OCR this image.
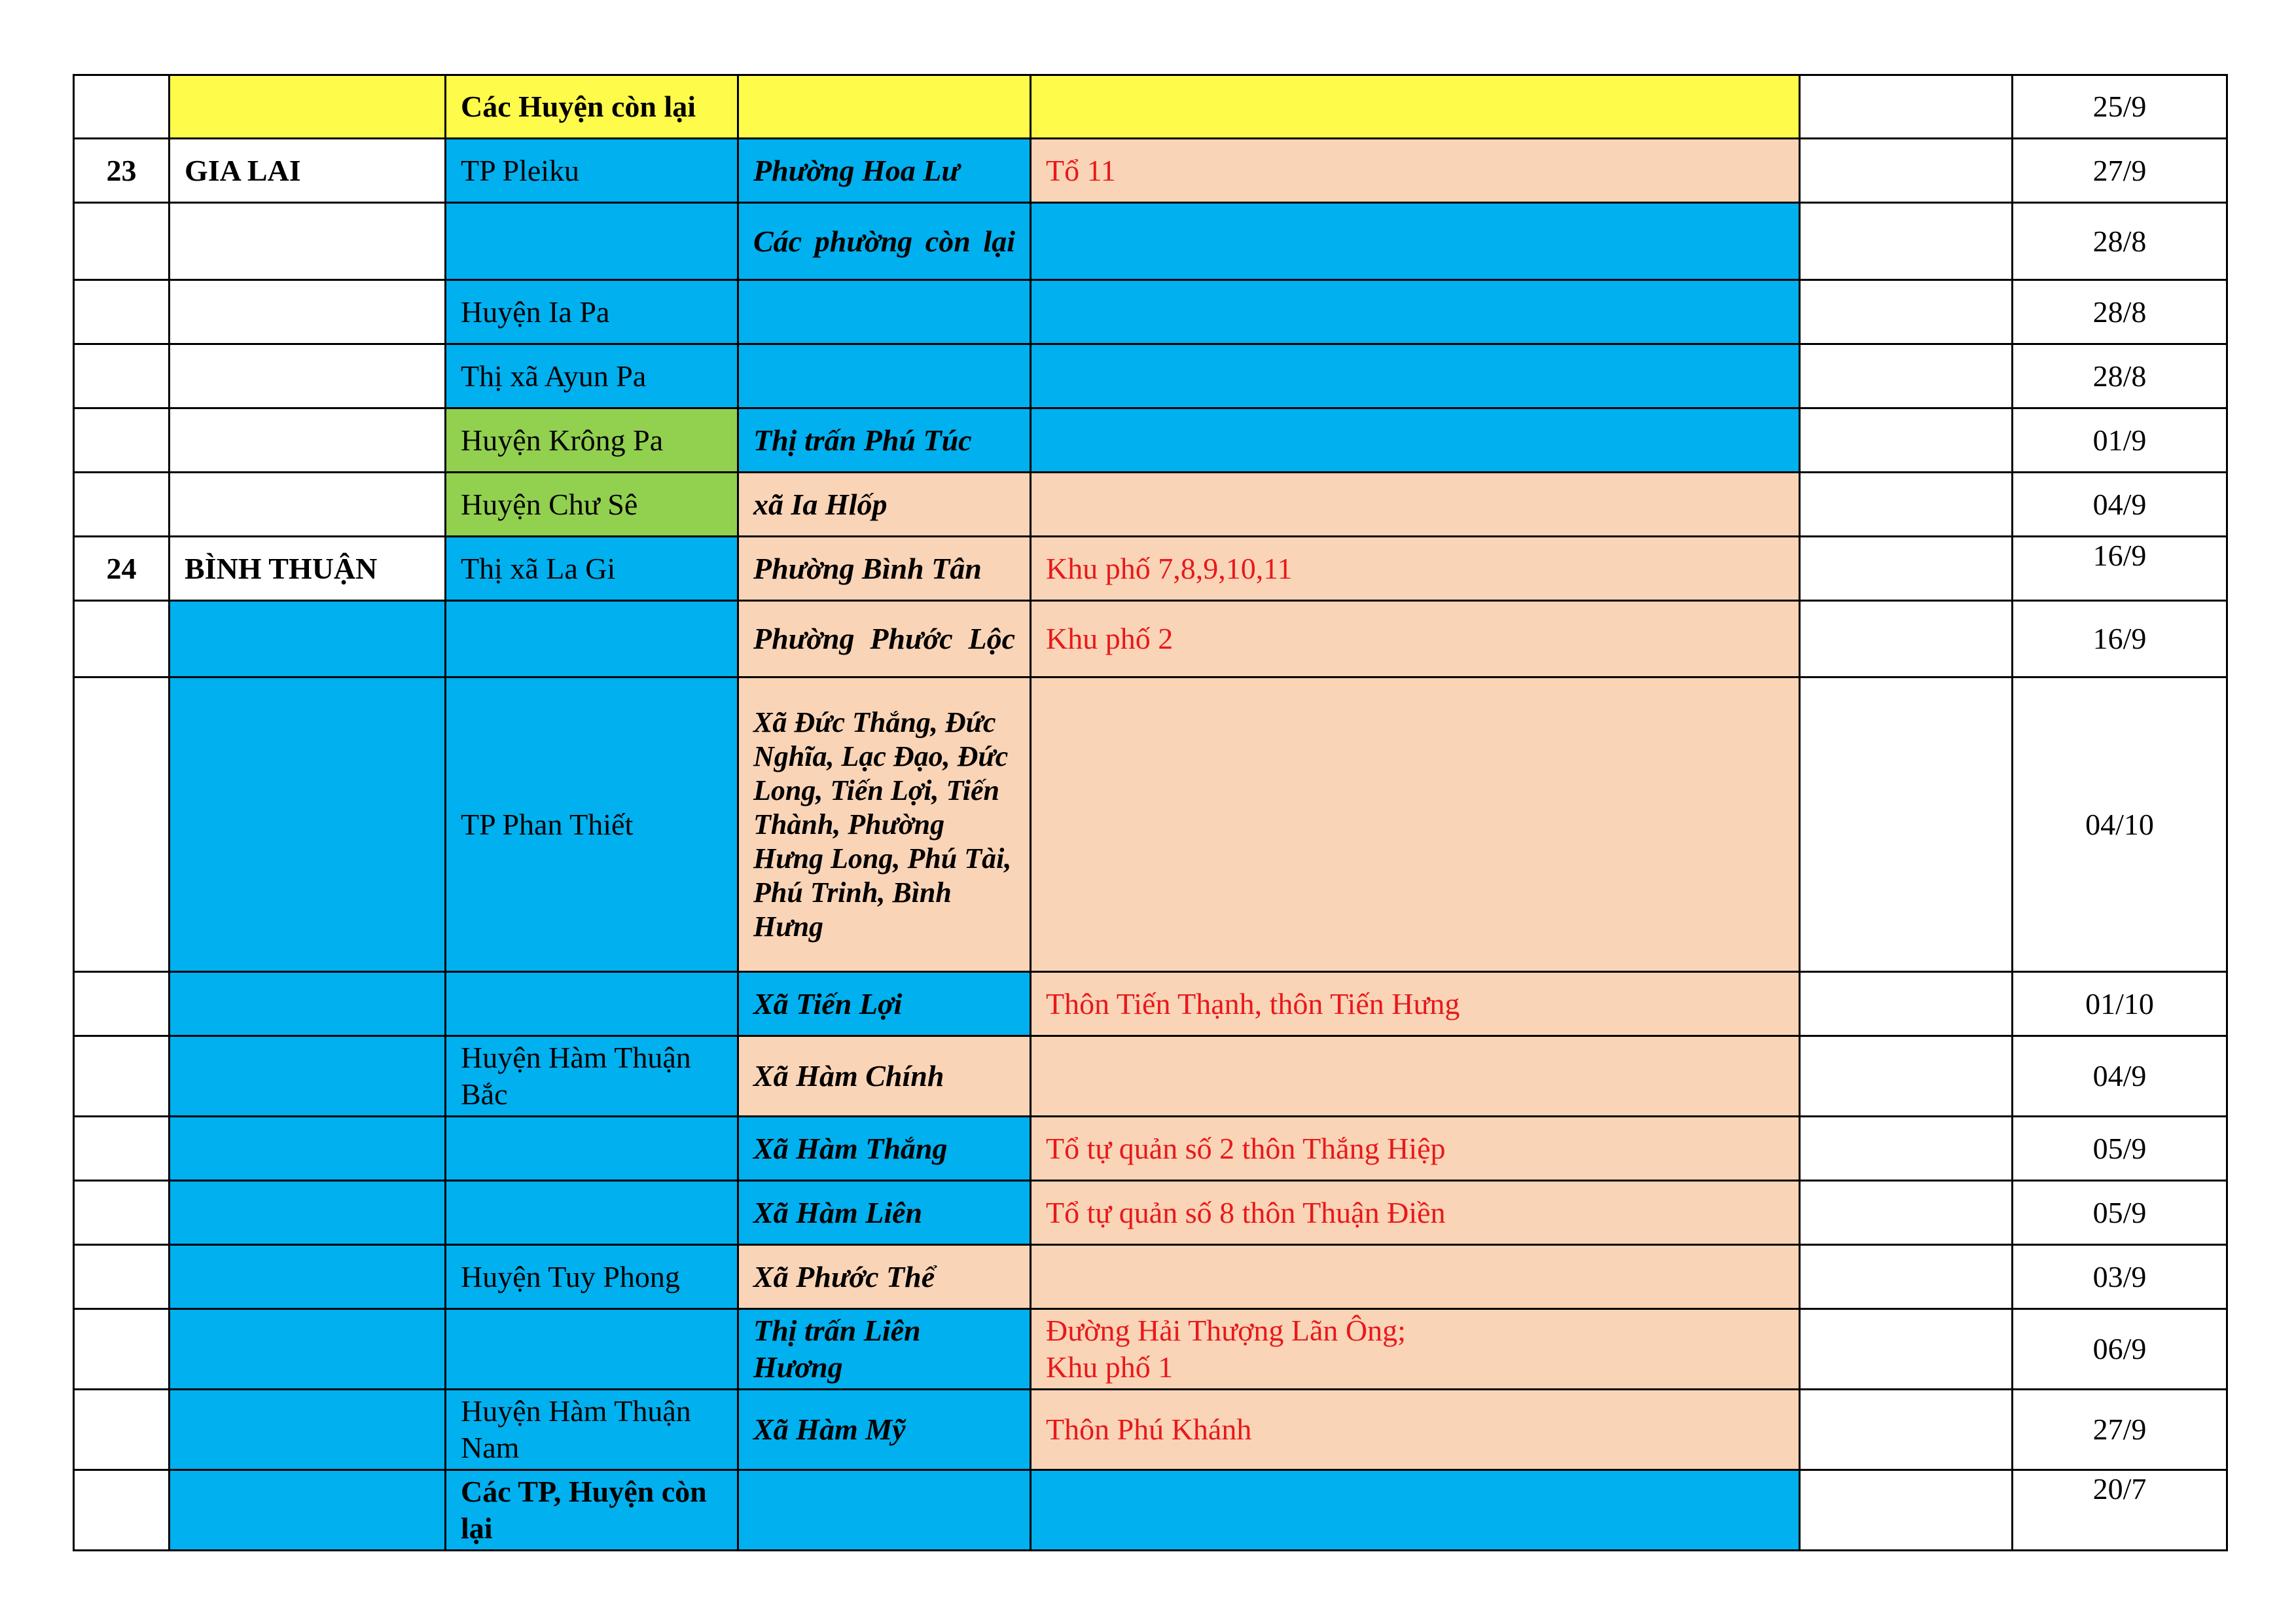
		Các Huyện còn lại				25/9
23	GIA LAI	TP Pleiku	Phường Hoa Lư	Tổ 11		27/9
			Các phường còn lại			28/8
		Huyện Ia Pa				28/8
		Thị xã Ayun Pa				28/8
		Huyện Krông Pa	Thị trấn Phú Túc			01/9
		Huyện Chư Sê	xã Ia Hlốp			04/9
24	BÌNH THUẬN	Thị xã La Gi	Phường Bình Tân	Khu phố 7,8,9,10,11		16/9
			Phường Phước Lộc	Khu phố 2		16/9
		TP Phan Thiết	Xã Đức Thắng, Đức Nghĩa, Lạc Đạo, Đức Long, Tiến Lợi, Tiến Thành, Phường Hưng Long, Phú Tài, Phú Trinh, Bình Hưng			04/10
			Xã Tiến Lợi	Thôn Tiến Thạnh, thôn Tiến Hưng		01/10
		Huyện Hàm Thuận Bắc	Xã Hàm Chính			04/9
			Xã Hàm Thắng	Tổ tự quản số 2 thôn Thắng Hiệp		05/9
			Xã Hàm Liên	Tổ tự quản số 8 thôn Thuận Điền		05/9
		Huyện Tuy Phong	Xã Phước Thể			03/9
			Thị trấn Liên Hương	Đường Hải Thượng Lãn Ông;
Khu phố 1		06/9
		Huyện Hàm Thuận Nam	Xã Hàm Mỹ	Thôn Phú Khánh		27/9
		Các TP, Huyện còn lại				20/7
